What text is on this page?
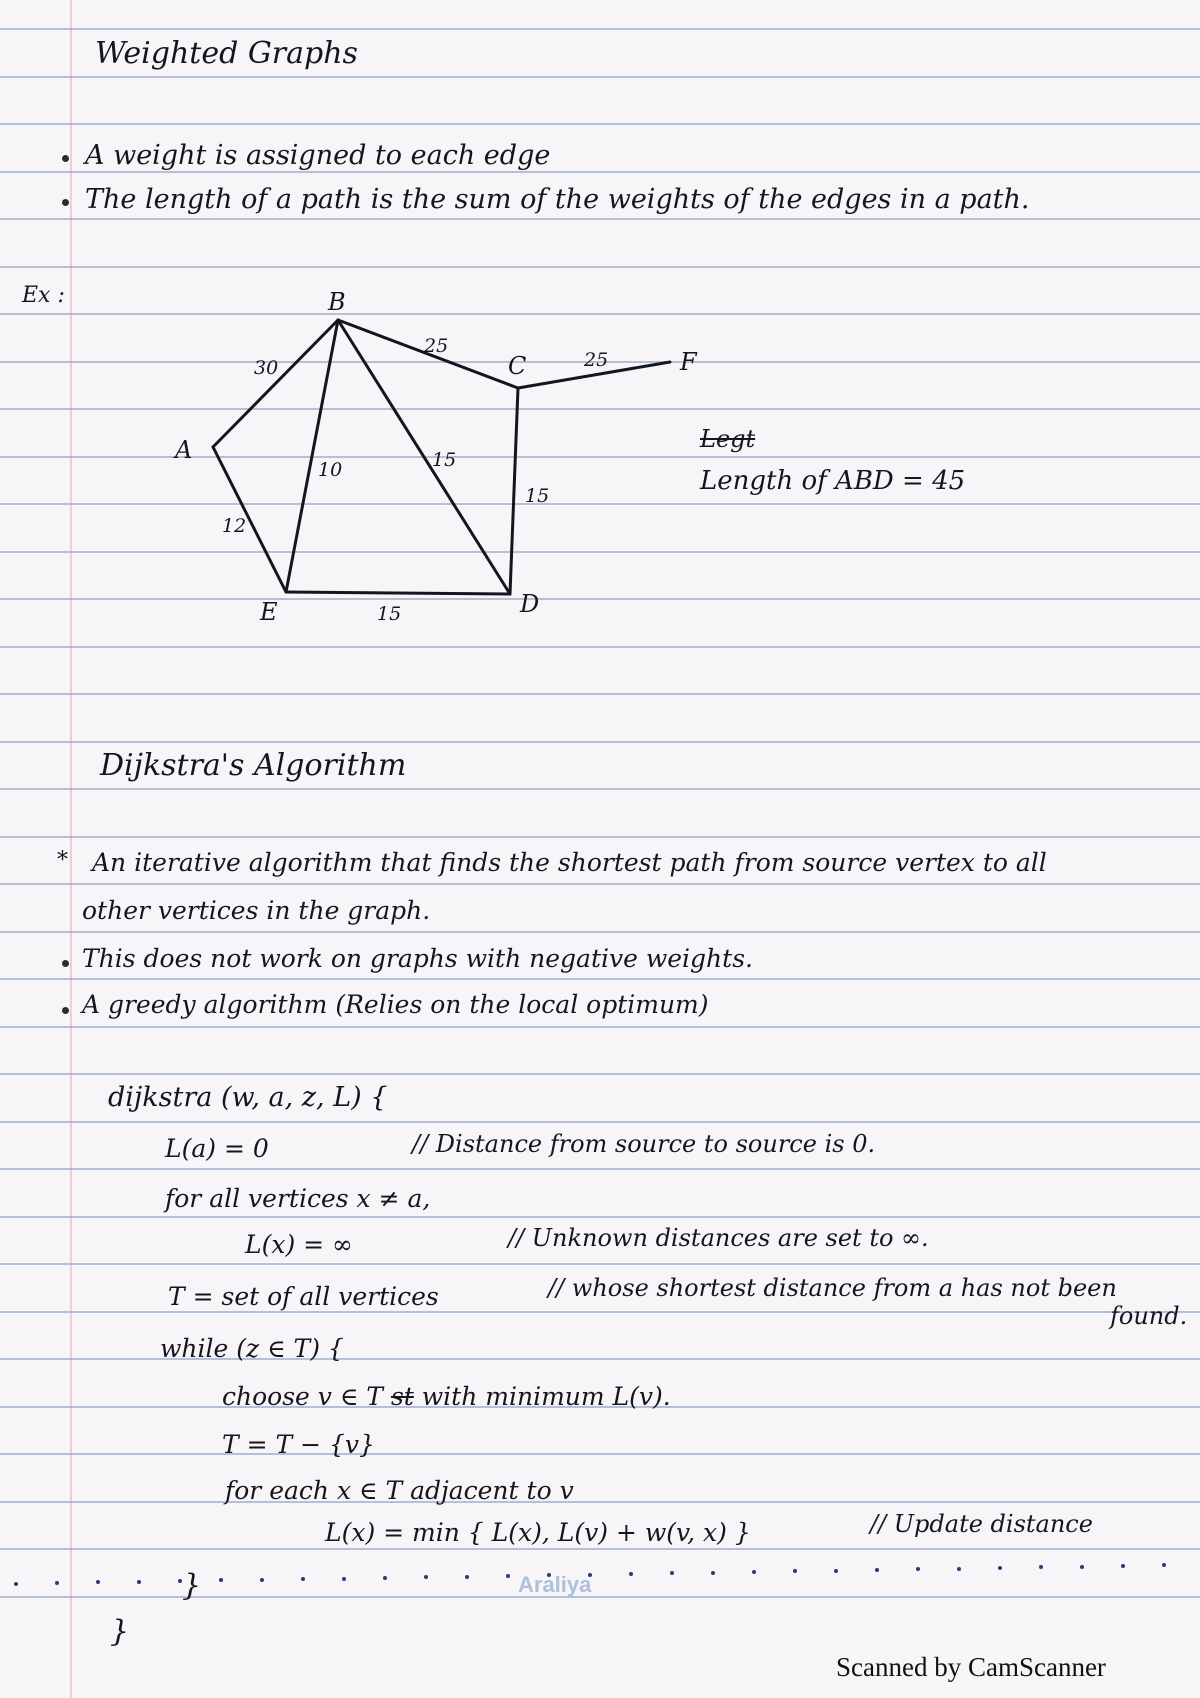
Weighted Graphs
A weight is assigned to each edge
The length of a path is the sum of the weights of the edges in a path.
Ex :
A
B
C
D
E
F
30
25
25
10	15
15
12
15
Legt
Length of ABD = 45
Dijkstra's Algorithm
* An iterative algorithm that finds the shortest path from source vertex to all
other vertices in the graph.
This does not work on graphs with negative weights.
A greedy algorithm (Relies on the local optimum)
dijkstra (w, a, z, L) {
L(a) = 0	// Distance from source to source is 0.
for all vertices x ≠ a,
L(x) = ∞	// Unknown distances are set to ∞.
T = set of all vertices	// whose shortest distance from a has not been
found.
while (z ∈ T) {
choose v ∈ T st with minimum L(v).
T = T − {v}
for each x ∈ T adjacent to v
L(x) = min { L(x), L(v) + w(v, x) }	// Update distance
}
}
Araliya
Scanned by CamScanner
